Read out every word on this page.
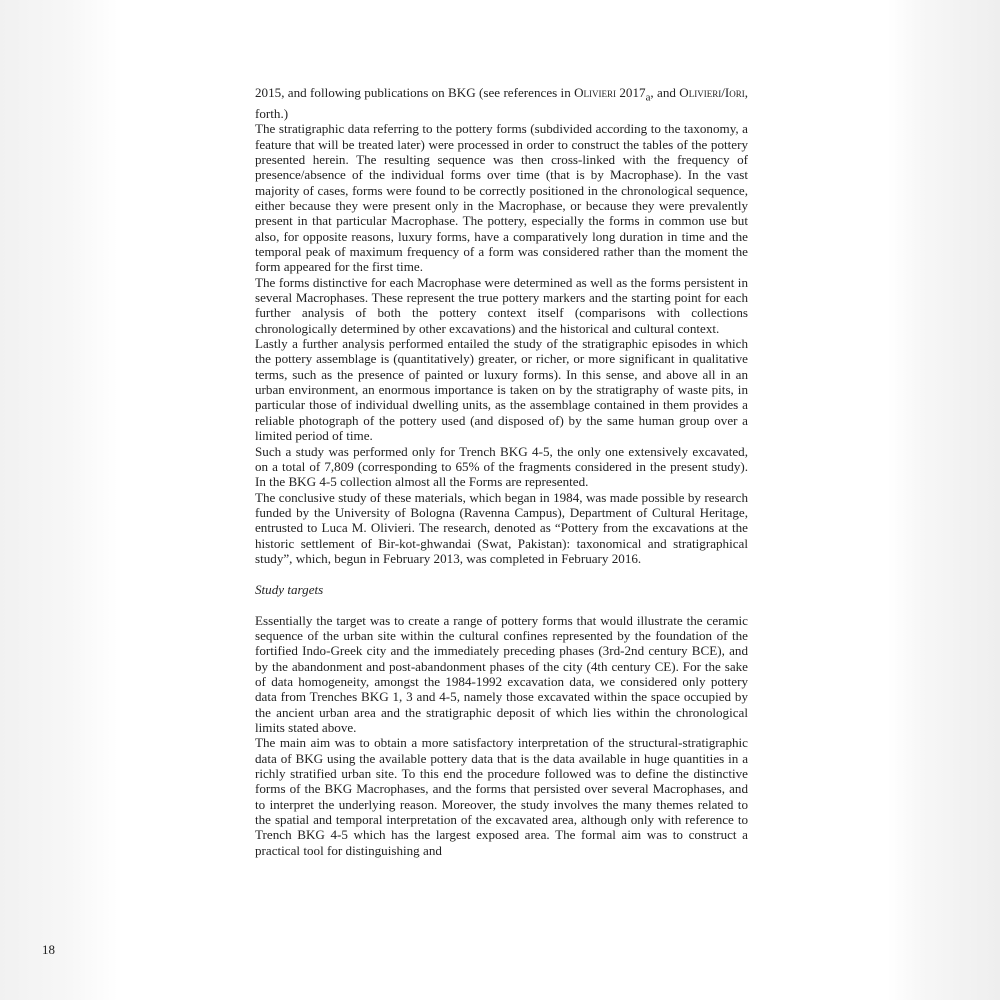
2015, and following publications on BKG (see references in Olivieri $2017_a$, and Olivieri/Iori, forth.)

The stratigraphic data referring to the pottery forms (subdivided according to the taxonomy, a feature that will be treated later) were processed in order to construct the tables of the pottery presented herein. The resulting sequence was then cross-linked with the frequency of presence/absence of the individual forms over time (that is by Macrophase). In the vast majority of cases, forms were found to be correctly positioned in the chronological sequence, either because they were present only in the Macrophase, or because they were prevalently present in that particular Macrophase. The pottery, especially the forms in common use but also, for opposite reasons, luxury forms, have a comparatively long duration in time and the temporal peak of maximum frequency of a form was considered rather than the moment the form appeared for the first time.

The forms distinctive for each Macrophase were determined as well as the forms persistent in several Macrophases. These represent the true pottery markers and the starting point for each further analysis of both the pottery context itself (comparisons with collections chronologically determined by other excavations) and the historical and cultural context.

Lastly a further analysis performed entailed the study of the stratigraphic episodes in which the pottery assemblage is (quantitatively) greater, or richer, or more significant in qualitative terms, such as the presence of painted or luxury forms). In this sense, and above all in an urban environment, an enormous importance is taken on by the stratigraphy of waste pits, in particular those of individual dwelling units, as the assemblage contained in them provides a reliable photograph of the pottery used (and disposed of) by the same human group over a limited period of time.

Such a study was performed only for Trench BKG 4-5, the only one extensively excavated, on a total of 7,809 (corresponding to 65% of the fragments considered in the present study). In the BKG 4-5 collection almost all the Forms are represented.

The conclusive study of these materials, which began in 1984, was made possible by research funded by the University of Bologna (Ravenna Campus), Department of Cultural Heritage, entrusted to Luca M. Olivieri. The research, denoted as “Pottery from the excavations at the historic settlement of Bir-kot-ghwandai (Swat, Pakistan): taxonomical and stratigraphical study”, which, begun in February 2013, was completed in February 2016.

Study targets

Essentially the target was to create a range of pottery forms that would illustrate the ceramic sequence of the urban site within the cultural confines represented by the foundation of the fortified Indo-Greek city and the immediately preceding phases (3rd-2nd century BCE), and by the abandonment and post-abandonment phases of the city (4th century CE). For the sake of data homogeneity, amongst the 1984-1992 excavation data, we considered only pottery data from Trenches BKG 1, 3 and 4-5, namely those excavated within the space occupied by the ancient urban area and the stratigraphic deposit of which lies within the chronological limits stated above.

The main aim was to obtain a more satisfactory interpretation of the structural-stratigraphic data of BKG using the available pottery data that is the data available in huge quantities in a richly stratified urban site. To this end the procedure followed was to define the distinctive forms of the BKG Macrophases, and the forms that persisted over several Macrophases, and to interpret the underlying reason. Moreover, the study involves the many themes related to the spatial and temporal interpretation of the excavated area, although only with reference to Trench BKG 4-5 which has the largest exposed area. The formal aim was to construct a practical tool for distinguishing and

18
